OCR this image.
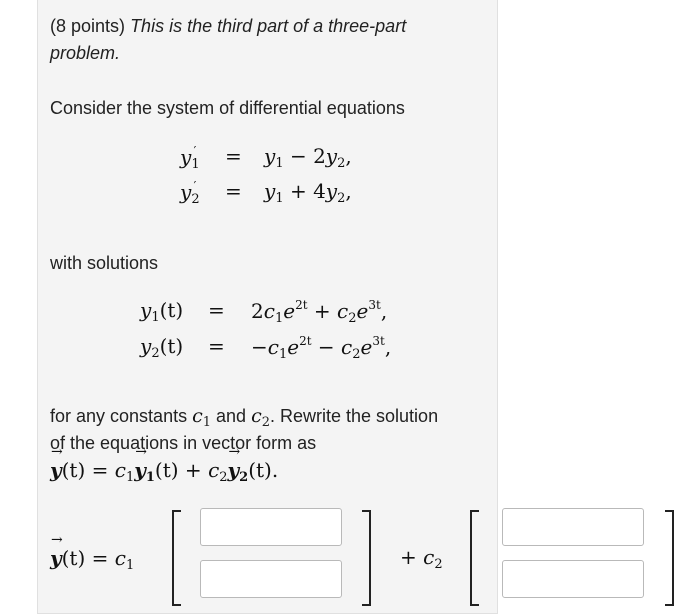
(8 points) This is the third part of a three-part
problem.
Consider the system of differential equations
$y_1' = y_1 - 2y_2$,
$y_2' = y_1 + 4y_2$,
with solutions
$y_1(t) = 2c_1e^{2t} + c_2e^{3t}$,
$y_2(t) = -c_1e^{2t} - c_2e^{3t}$,
for any constants $c_1$ and $c_2$. Rewrite the solution
of the equations in vector form as
→ $y(t) = c_1\to y_1(t) + c_2\to y_2(t)$.
→ $y(t) = c_1$	+ $c_2$
